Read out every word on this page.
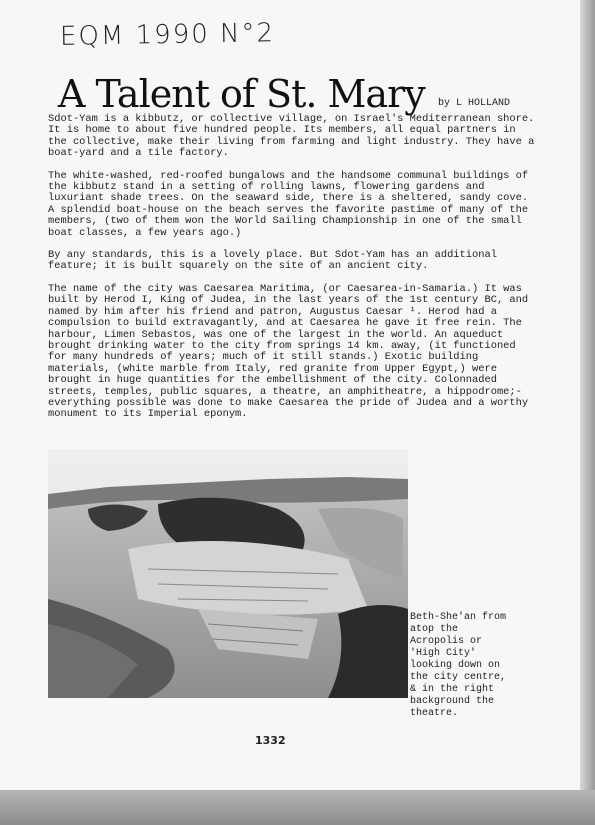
EQM 1990 N°2
A Talent of St. Mary by L HOLLAND

Sdot-Yam is a kibbutz, or collective village, on Israel's Mediterranean shore. It is home to about five hundred people. Its members, all equal partners in the collective, make their living from farming and light industry. They have a boat-yard and a tile factory.

The white-washed, red-roofed bungalows and the handsome communal buildings of the kibbutz stand in a setting of rolling lawns, flowering gardens and luxuriant shade trees. On the seaward side, there is a sheltered, sandy cove. A splendid boat-house on the beach serves the favorite pastime of many of the members, (two of them won the World Sailing Championship in one of the small boat classes, a few years ago.)

By any standards, this is a lovely place. But Sdot-Yam has an additional feature; it is built squarely on the site of an ancient city.

The name of the city was Caesarea Maritima, (or Caesarea-in-Samaria.) It was built by Herod I, King of Judea, in the last years of the 1st century BC, and named by him after his friend and patron, Augustus Caesar ¹. Herod had a compulsion to build extravagantly, and at Caesarea he gave it free rein. The harbour, Limen Sebastos, was one of the largest in the world. An aqueduct brought drinking water to the city from springs 14 km. away, (it functioned for many hundreds of years; much of it still stands.) Exotic building materials, (white marble from Italy, red granite from Upper Egypt,) were brought in huge quantities for the embellishment of the city. Colonnaded streets, temples, public squares, a theatre, an amphitheatre, a hippodrome;- everything possible was done to make Caesarea the pride of Judea and a worthy monument to its Imperial eponym.

Beth-She'an from atop the Acropolis or 'High City' looking down on the city centre, & in the right background the theatre.
1332
